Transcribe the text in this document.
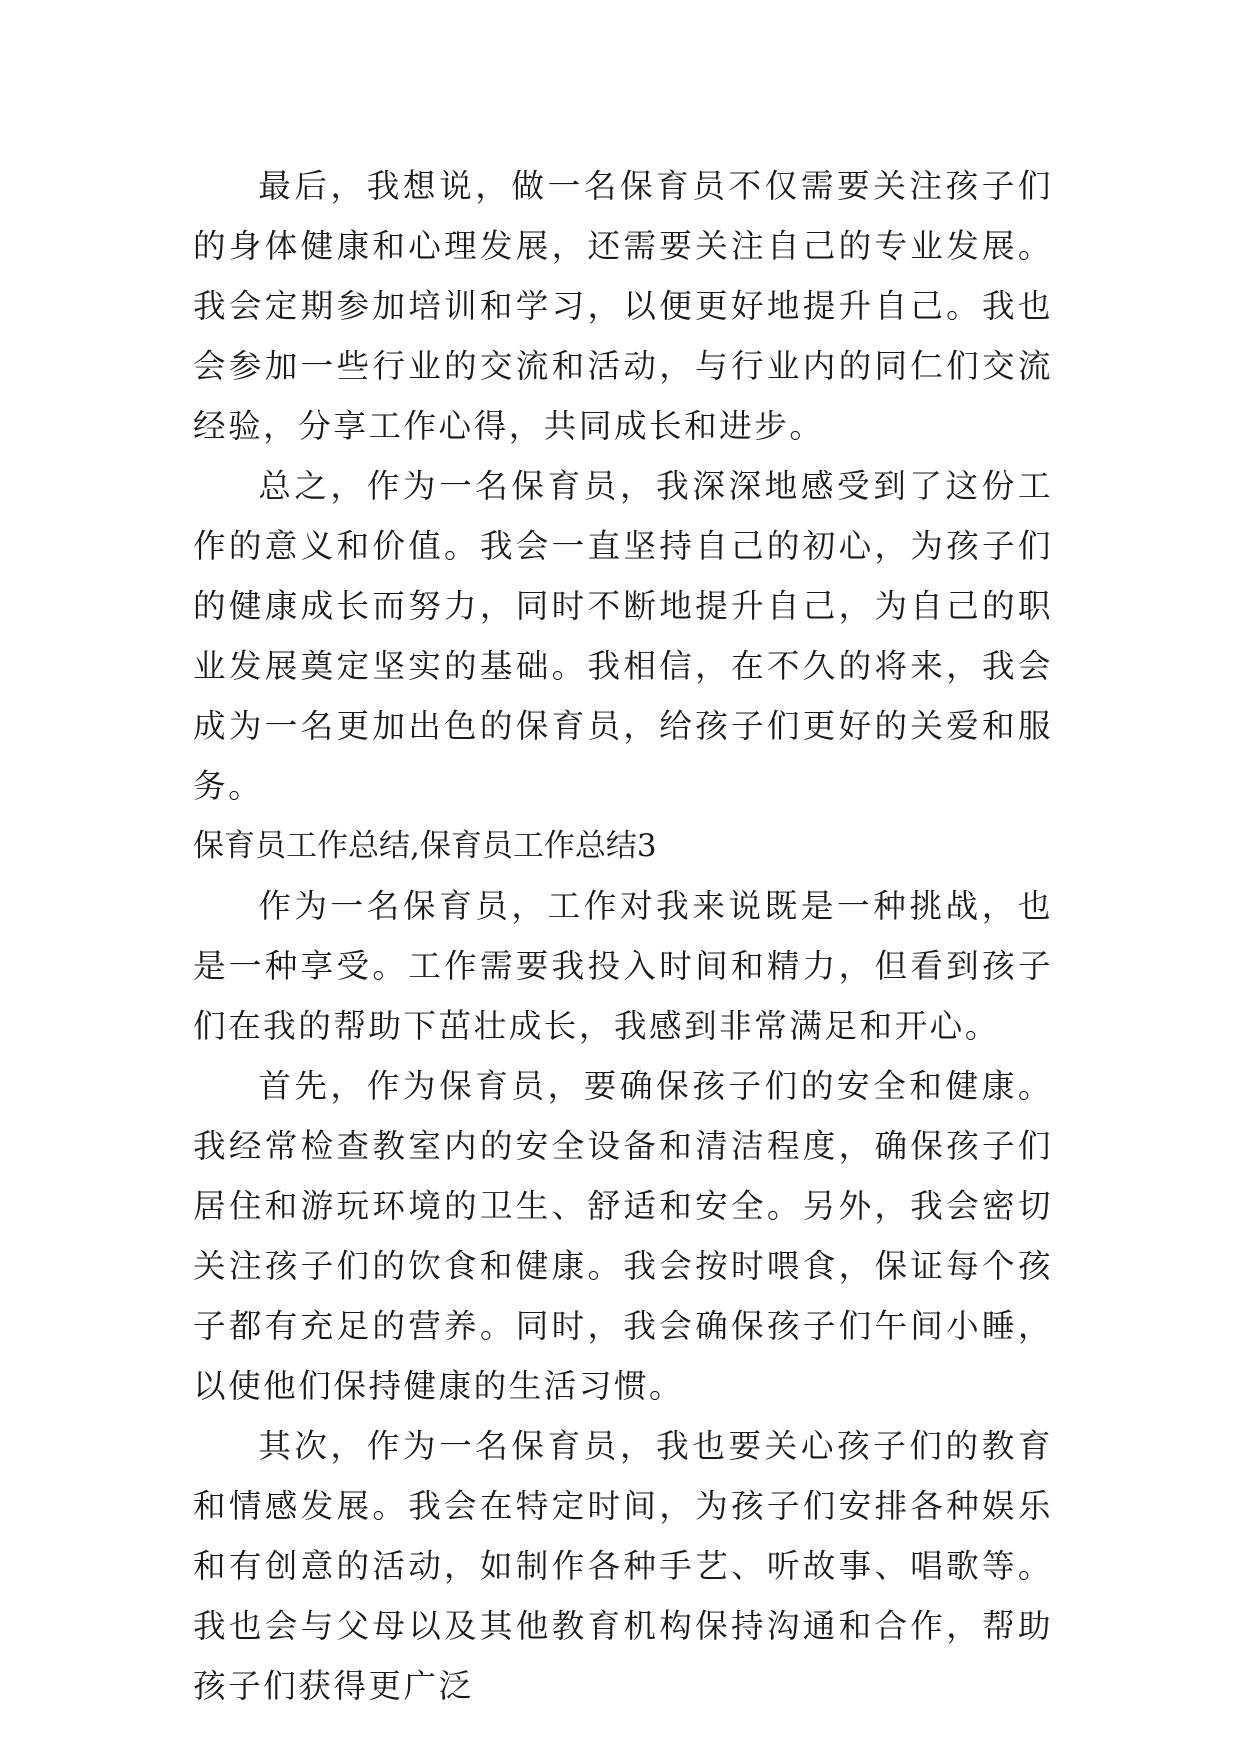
最后，我想说，做一名保育员不仅需要关注孩子们的身体健康和心理发展，还需要关注自己的专业发展。我会定期参加培训和学习，以便更好地提升自己。我也会参加一些行业的交流和活动，与行业内的同仁们交流经验，分享工作心得，共同成长和进步。

总之，作为一名保育员，我深深地感受到了这份工作的意义和价值。我会一直坚持自己的初心，为孩子们的健康成长而努力，同时不断地提升自己，为自己的职业发展奠定坚实的基础。我相信，在不久的将来，我会成为一名更加出色的保育员，给孩子们更好的关爱和服务。

保育员工作总结,保育员工作总结3

作为一名保育员，工作对我来说既是一种挑战，也是一种享受。工作需要我投入时间和精力，但看到孩子们在我的帮助下茁壮成长，我感到非常满足和开心。

首先，作为保育员，要确保孩子们的安全和健康。我经常检查教室内的安全设备和清洁程度，确保孩子们居住和游玩环境的卫生、舒适和安全。另外，我会密切关注孩子们的饮食和健康。我会按时喂食，保证每个孩子都有充足的营养。同时，我会确保孩子们午间小睡，以使他们保持健康的生活习惯。

其次，作为一名保育员，我也要关心孩子们的教育和情感发展。我会在特定时间，为孩子们安排各种娱乐和有创意的活动，如制作各种手艺、听故事、唱歌等。我也会与父母以及其他教育机构保持沟通和合作，帮助孩子们获得更广泛
